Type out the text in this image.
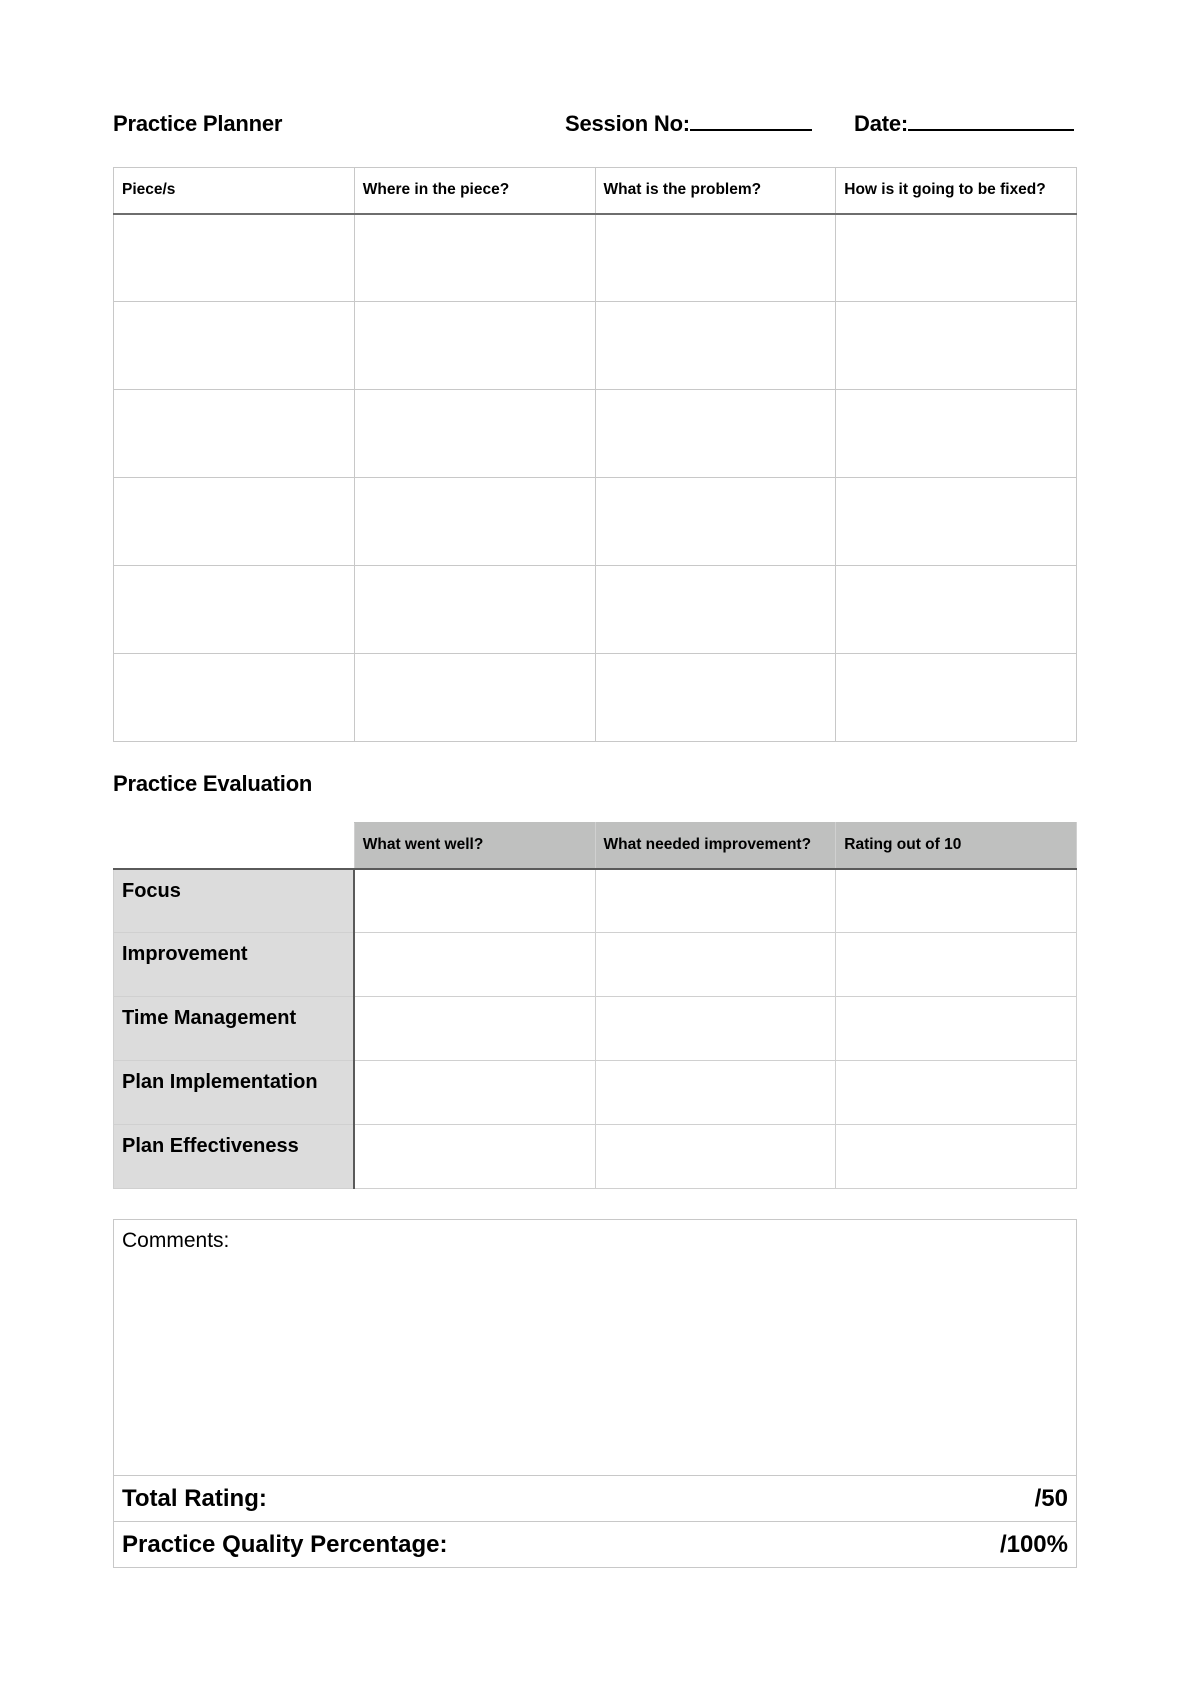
Practice Planner	Session No:	Date:
Piece/s	Where in the piece?	What is the problem?	How is it going to be fixed?

Practice Evaluation
	What went well?	What needed improvement?	Rating out of 10
Focus			
Improvement			
Time Management			
Plan Implementation			
Plan Effectiveness			
Comments:

Total Rating:	/50

Practice Quality Percentage:	/100%
